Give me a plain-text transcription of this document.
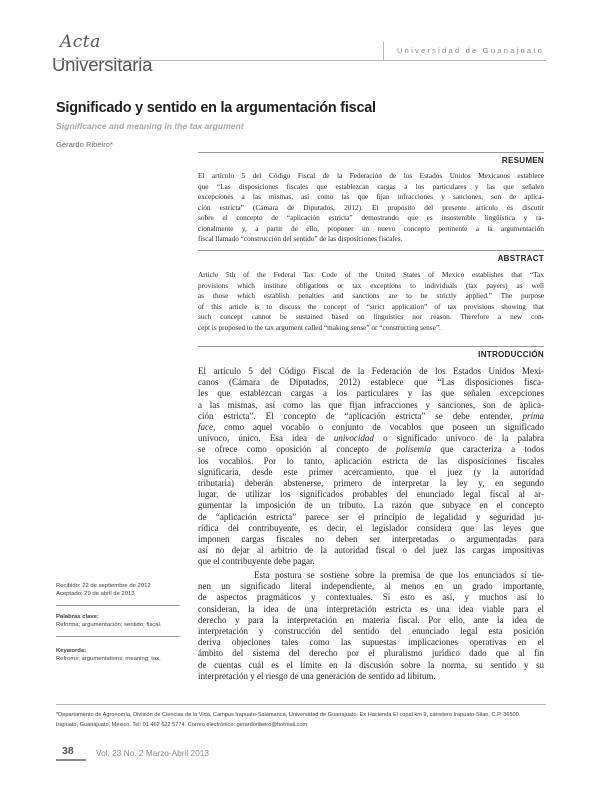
Acta
Universitaria
Universidad de Guanajuato
Significado y sentido en la argumentación fiscal
Significance and meaning in the tax argument
Gerardo Ribeiro*
RESUMEN
El artículo 5 del Código Fiscal de la Federación de los Estados Unidos Mexicanos establece
que “Las disposiciones fiscales que establezcan cargas a los particulares y las que señalen
excepciones a las mismas, así como las que fijan infracciones y sanciones, son de aplica-
ción estricta” (Cámara de Diputados, 2012). El propósito del presente artículo es discutir
sobre el concepto de “aplicación estricta” demostrando que es insostenible lingüística y ra-
cionalmente y, a partir de ello, proponer un nuevo concepto pertinente a la argumentación
fiscal llamado “construcción del sentido” de las disposiciones fiscales.
ABSTRACT
Article 5th of the Federal Tax Code of the United States of Mexico establishes that “Tax
provisions which institute obligations or tax exceptions to individuals (tax payers) as well
as those which establish penalties and sanctions are to be strictly applied.” The purpose
of this article is to discuss the concept of “strict application” of tax provisions showing that
such concept cannot be sustained based on linguistics nor reason. Therefore a new con-
cept is proposed to the tax argument called “making sense” or “constructing sense”.
INTRODUCCIÓN
El artículo 5 del Código Fiscal de la Federación de los Estados Unidos Mexi-
canos (Cámara de Diputados, 2012) establece que “Las disposiciones fisca-
les que establezcan cargas a los particulares y las que señalen excepciones
a las mismas, así como las que fijan infracciones y sanciones, son de aplica-
ción estricta”. El concepto de “aplicación estricta” se debe entender, prima
face, como aquel vocablo o conjunto de vocablos que poseen un significado
unívoco, único. Esa idea de univocidad o significado unívoco de la palabra
se ofrece como oposición al concepto de polisemia que caracteriza a todos
los vocablos. Por lo tanto, aplicación estricta de las disposiciones fiscales
significaría, desde este primer acercamiento, que el juez (y la autoridad
tributaria) deberán abstenerse, primero de interpretar la ley y, en segundo
lugar, de utilizar los significados probables del enunciado legal fiscal al ar-
gumentar la imposición de un tributo. La razón que subyace en el concepto
de “aplicación estricta” parece ser el principio de legalidad y seguridad ju-
rídica del contribuyente, es decir, el legislador considera que las leyes que
imponen cargas fiscales no deben ser interpretadas o argumentadas para
así no dejar al arbitrio de la autoridad fiscal o del juez las cargas impositivas
que el contribuyente debe pagar.
Esta postura se sostiene sobre la premisa de que los enunciados sí tie-
nen un significado literal independiente, al menos en un grado importante,
de aspectos pragmáticos y contextuales. Si esto es así, y muchos así lo
consideran, la idea de una interpretación estricta es una idea viable para el
derecho y para la interpretación en materia fiscal. Por ello, ante la idea de
interpretación y construcción del sentido del enunciado legal esta posición
deriva objeciones tales como las supuestas implicaciones operativas en el
ámbito del sistema del derecho por el pluralismo jurídico dado que al fin
de cuentas cuál es el límite en la discusión sobre la norma, su sentido y su
interpretación y el riesgo de una generación de sentido ad libitum.
Recibido: 22 de septiembre de 2012
Aceptado: 29 de abril de 2013
Palabras clave:
Reforma; argumentación; sentido; fiscal.
Keywords:
Refroms; argumentations; meaning; tax.
*Departamento de Agronomía, División de Ciencias de la Vida, Campus Irapuato-Salamanca, Universidad de Guanajuato. Ex Hacienda El copal km 9, carretera Irapuato-Silao, C.P. 36500.
Irapuato, Guanajuato, México. Tel: 01 462 622 5774. Correo electrónico: gerardoribeiro@hotmail.com
38	Vol. 23 No. 2 Marzo-Abril 2013
